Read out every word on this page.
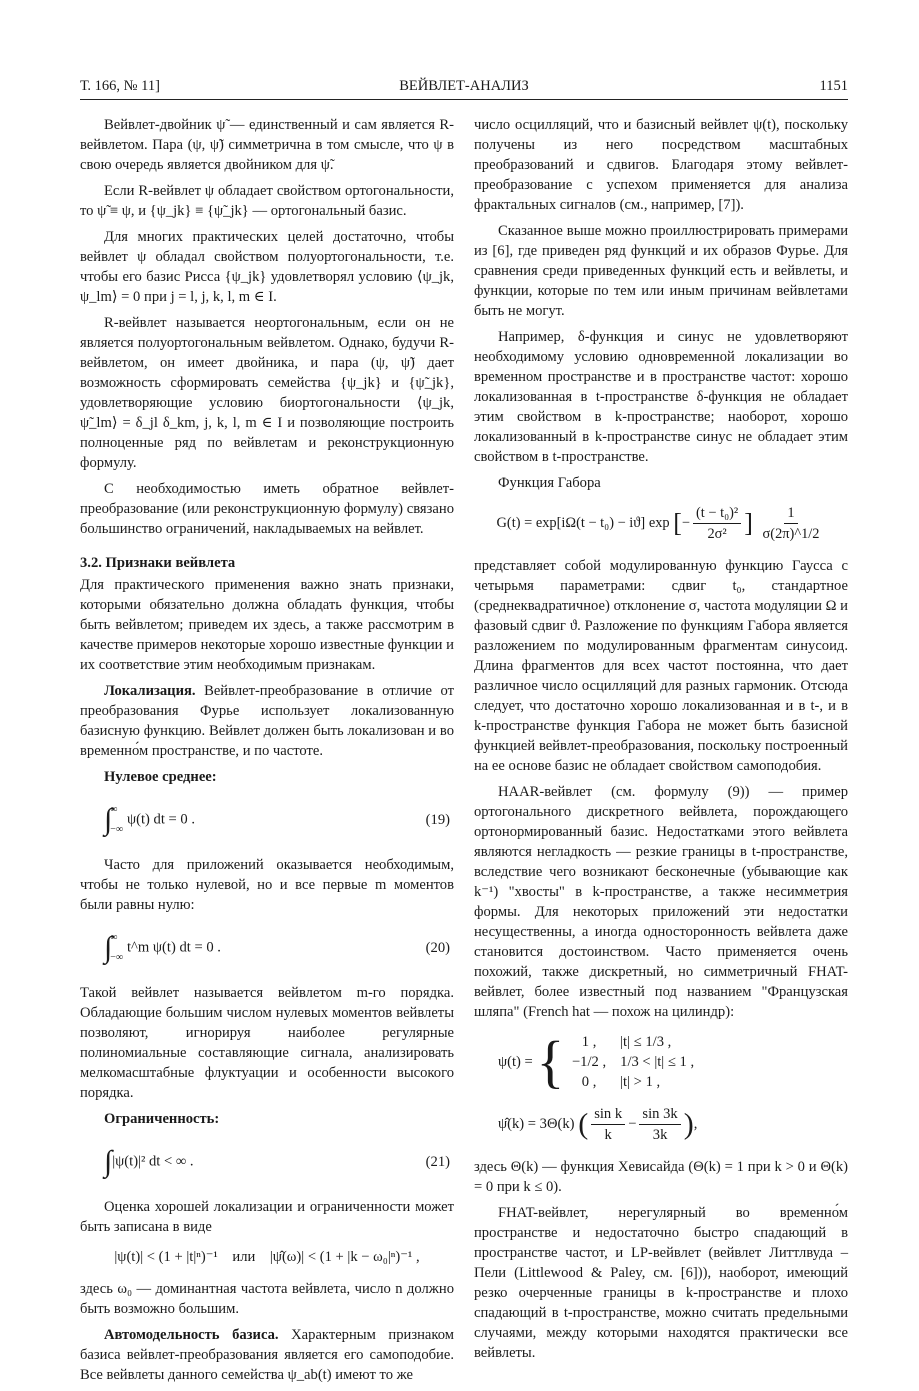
Т. 166, № 11]	ВЕЙВЛЕТ-АНАЛИЗ	1151

Вейвлет-двойник ψ̃ — единственный и сам является R-вейвлетом. Пара (ψ, ψ̃) симметрична в том смысле, что ψ в свою очередь является двойником для ψ̃.

Если R-вейвлет ψ обладает свойством ортогональности, то ψ̃ ≡ ψ, и {ψ_jk} ≡ {ψ̃_jk} — ортогональный базис.

Для многих практических целей достаточно, чтобы вейвлет ψ обладал свойством полуортогональности, т.е. чтобы его базис Рисса {ψ_jk} удовлетворял условию ⟨ψ_jk, ψ_lm⟩ = 0 при j = l, j, k, l, m ∈ I.

R-вейвлет называется неортогональным, если он не является полуортогональным вейвлетом. Однако, будучи R-вейвлетом, он имеет двойника, и пара (ψ, ψ̃) дает возможность сформировать семейства {ψ_jk} и {ψ̃_jk}, удовлетворяющие условию биортогональности ⟨ψ_jk, ψ̃_lm⟩ = δ_jl δ_km, j, k, l, m ∈ I и позволяющие построить полноценные ряд по вейвлетам и реконструкционную формулу.

С необходимостью иметь обратное вейвлет-преобразование (или реконструкционную формулу) связано большинство ограничений, накладываемых на вейвлет.

3.2. Признаки вейвлета

Для практического применения важно знать признаки, которыми обязательно должна обладать функция, чтобы быть вейвлетом; приведем их здесь, а также рассмотрим в качестве примеров некоторые хорошо известные функции и их соответствие этим необходимым признакам.

Локализация. Вейвлет-преобразование в отличие от преобразования Фурье использует локализованную базисную функцию. Вейвлет должен быть локализован и во временно́м пространстве, и по частоте.

Нулевое среднее:

∫
∞
−∞
ψ(t) dt = 0 .	(19)

Часто для приложений оказывается необходимым, чтобы не только нулевой, но и все первые m моментов были равны нулю:

∫
∞
−∞
t^m ψ(t) dt = 0 .	(20)

Такой вейвлет называется вейвлетом m-го порядка. Обладающие большим числом нулевых моментов вейвлеты позволяют, игнорируя наиболее регулярные полиномиальные составляющие сигнала, анализировать мелкомасштабные флуктуации и особенности высокого порядка.

Ограниченность:

∫|ψ(t)|² dt < ∞ .	(21)

Оценка хорошей локализации и ограниченности может быть записана в виде

|ψ(t)| < (1 + |t|ⁿ)⁻¹ или |ψ̂(ω)| < (1 + |k − ω₀|ⁿ)⁻¹ ,

здесь ω₀ — доминантная частота вейвлета, число n должно быть возможно большим.

Автомодельность базиса. Характерным признаком базиса вейвлет-преобразования является его самоподобие. Все вейвлеты данного семейства ψ_ab(t) имеют то же

число осцилляций, что и базисный вейвлет ψ(t), поскольку получены из него посредством масштабных преобразований и сдвигов. Благодаря этому вейвлет-преобразование с успехом применяется для анализа фрактальных сигналов (см., например, [7]).

Сказанное выше можно проиллюстрировать примерами из [6], где приведен ряд функций и их образов Фурье. Для сравнения среди приведенных функций есть и вейвлеты, и функции, которые по тем или иным причинам вейвлетами быть не могут.

Например, δ-функция и синус не удовлетворяют необходимому условию одновременной локализации во временном пространстве и в пространстве частот: хорошо локализованная в t-пространстве δ-функция не обладает этим свойством в k-пространстве; наоборот, хорошо локализованный в k-пространстве синус не обладает этим свойством в t-пространстве.

Функция Габора

G(t) = exp[iΩ(t − t₀) − iϑ] exp [− $\frac{\text{(t − t₀)²}}{\text{2σ²}}$ ] $\frac{1}{\sigma(2\pi)\^{}1/2}$

представляет собой модулированную функцию Гаусса с четырьмя параметрами: сдвиг t₀, стандартное (среднеквадратичное) отклонение σ, частота модуляции Ω и фазовый сдвиг ϑ. Разложение по функциям Габора является разложением по модулированным фрагментам синусоид. Длина фрагментов для всех частот постоянна, что дает различное число осцилляций для разных гармоник. Отсюда следует, что достаточно хорошо локализованная и в t-, и в k-пространстве функция Габора не может быть базисной функцией вейвлет-преобразования, поскольку построенный на ее основе базис не обладает свойством самоподобия.

HAAR-вейвлет (см. формулу (9)) — пример ортогонального дискретного вейвлета, порождающего ортонормированный базис. Недостатками этого вейвлета являются негладкость — резкие границы в t-пространстве, вследствие чего возникают бесконечные (убывающие как k⁻¹) "хвосты" в k-пространстве, а также несимметрия формы. Для некоторых приложений эти недостатки несущественны, а иногда односторонность вейвлета даже становится достоинством. Часто применяется очень похожий, также дискретный, но симметричный FHAT-вейвлет, более известный под названием "Французская шляпа" (French hat — похож на цилиндр):

ψ(t) = {	1 ,	|t| ≤ 1/3 ,
−1/2 , 1/3 < |t| ≤ 1 ,
0 ,	|t| > 1 ,
ψ̂(k) = 3Θ(k) ( $\frac{\text{sin k}}{k} - \frac{\sin 3k}{3k}$ ),

здесь Θ(k) — функция Хевисайда (Θ(k) = 1 при k > 0 и Θ(k) = 0 при k ≤ 0).

FHAT-вейвлет, нерегулярный во временно́м пространстве и недостаточно быстро спадающий в пространстве частот, и LP-вейвлет (вейвлет Литтлвуда – Пели (Littlewood & Paley, см. [6])), наоборот, имеющий резко очерченные границы в k-пространстве и плохо спадающий в t-пространстве, можно считать предельными случаями, между которыми находятся практически все вейвлеты.
